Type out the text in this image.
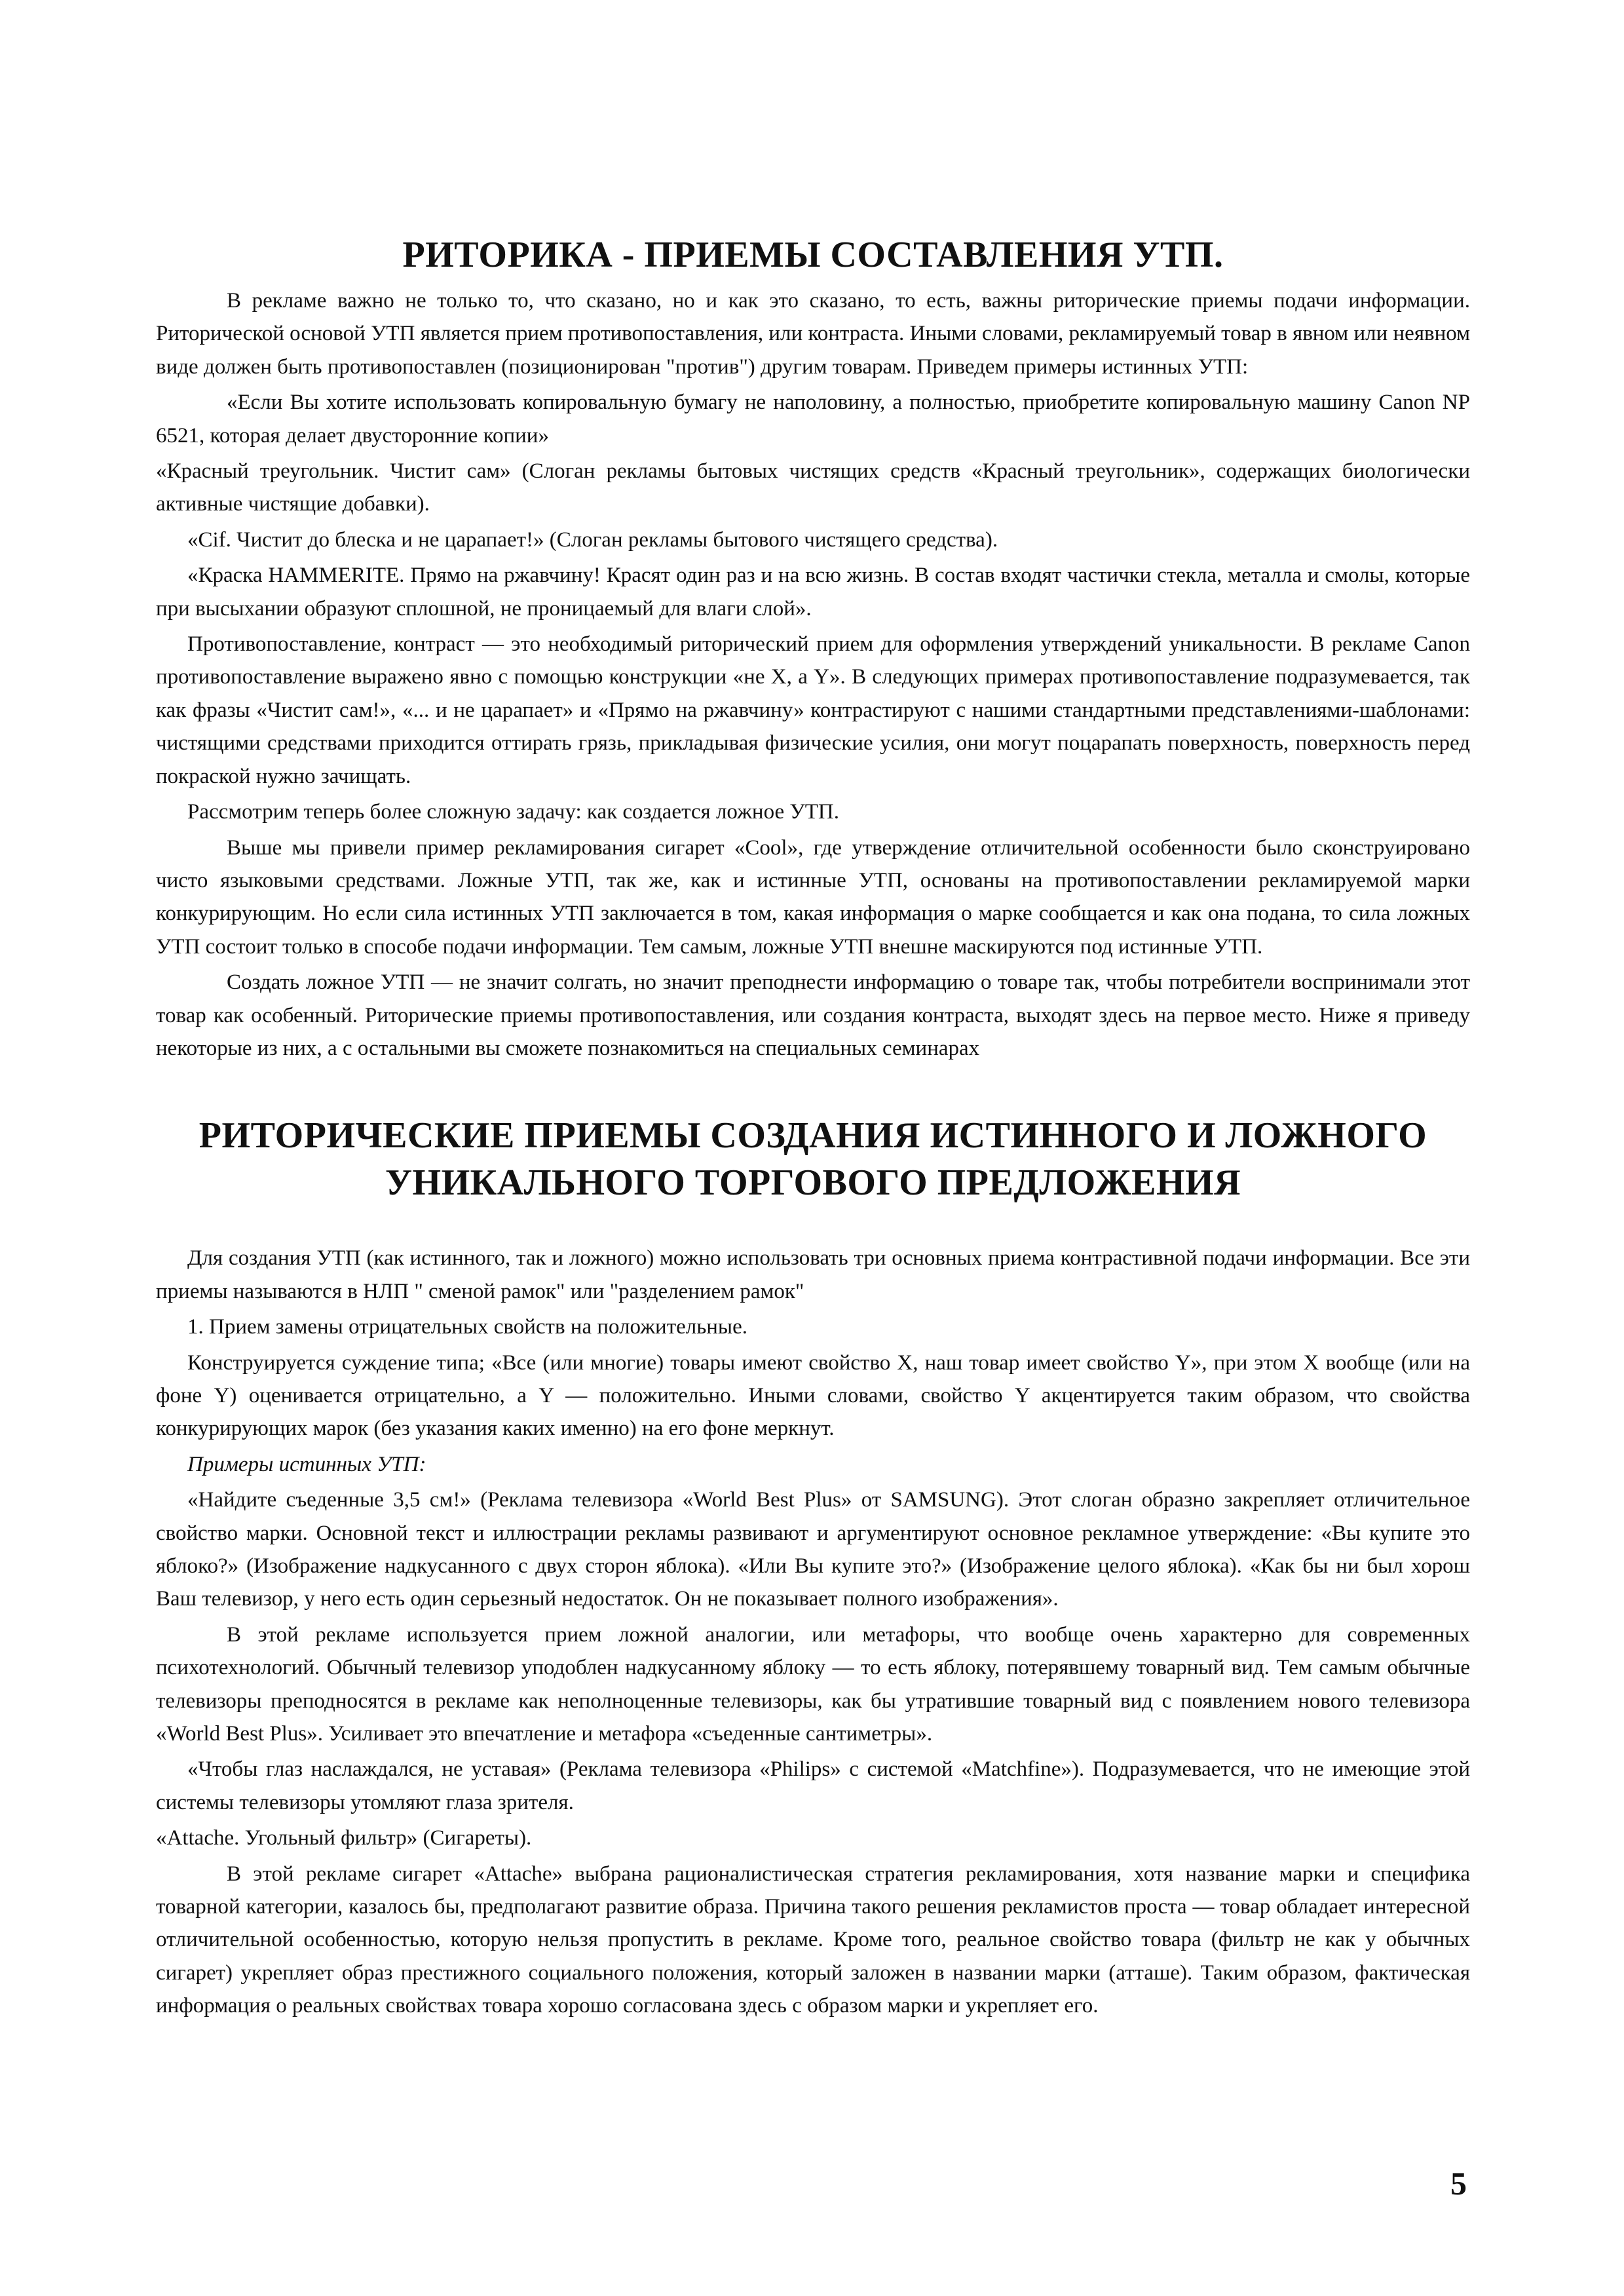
РИТОРИКА - ПРИЕМЫ СОСТАВЛЕНИЯ УТП.

В рекламе важно не только то, что сказано, но и как это сказано, то есть, важны риторические приемы подачи информации. Риторической основой УТП является прием противопоставления, или контраста. Иными словами, рекламируемый товар в явном или неявном виде должен быть противопоставлен (позиционирован "против") другим товарам. Приведем примеры истинных УТП:

«Если Вы хотите использовать копировальную бумагу не наполовину, а полностью, приобретите копировальную машину Canon NP 6521, которая делает двусторонние копии»

«Красный треугольник. Чистит сам» (Слоган рекламы бытовых чистящих средств «Красный треугольник», содержащих биологически активные чистящие добавки).

«Cif. Чистит до блеска и не царапает!» (Слоган рекламы бытового чистящего средства).

«Краска HAMMERITE. Прямо на ржавчину! Красят один раз и на всю жизнь. В состав входят частички стекла, металла и смолы, которые при высыхании образуют сплошной, не проницаемый для влаги слой».

Противопоставление, контраст — это необходимый риторический прием для оформления утверждений уникальности. В рекламе Canon противопоставление выражено явно с помощью конструкции «не X, а Y». В следующих примерах противопоставление подразумевается, так как фразы «Чистит сам!», «... и не царапает» и «Прямо на ржавчину» контрастируют с нашими стандартными представлениями-шаблонами: чистящими средствами приходится оттирать грязь, прикладывая физические усилия, они могут поцарапать поверхность, поверхность перед покраской нужно зачищать.

Рассмотрим теперь более сложную задачу: как создается ложное УТП.

Выше мы привели пример рекламирования сигарет «Cool», где утверждение отличительной особенности было сконструировано чисто языковыми средствами. Ложные УТП, так же, как и истинные УТП, основаны на противопоставлении рекламируемой марки конкурирующим. Но если сила истинных УТП заключается в том, какая информация о марке сообщается и как она подана, то сила ложных УТП состоит только в способе подачи информации. Тем самым, ложные УТП внешне маскируются под истинные УТП.

Создать ложное УТП — не значит солгать, но значит преподнести информацию о товаре так, чтобы потребители воспринимали этот товар как особенный. Риторические приемы противопоставления, или создания контраста, выходят здесь на первое место. Ниже я приведу некоторые из них, а с остальными вы сможете познакомиться на специальных семинарах

РИТОРИЧЕСКИЕ ПРИЕМЫ СОЗДАНИЯ ИСТИННОГО И ЛОЖНОГО
УНИКАЛЬНОГО ТОРГОВОГО ПРЕДЛОЖЕНИЯ

Для создания УТП (как истинного, так и ложного) можно использовать три основных приема контрастивной подачи информации. Все эти приемы называются в НЛП " сменой рамок" или "разделением рамок"

1. Прием замены отрицательных свойств на положительные.

Конструируется суждение типа; «Все (или многие) товары имеют свойство X, наш товар имеет свойство Y», при этом X вообще (или на фоне Y) оценивается отрицательно, а Y — положительно. Иными словами, свойство Y акцентируется таким образом, что свойства конкурирующих марок (без указания каких именно) на его фоне меркнут.

Примеры истинных УТП:

«Найдите съеденные 3,5 см!» (Реклама телевизора «World Best Plus» от SAMSUNG). Этот слоган образно закрепляет отличительное свойство марки. Основной текст и иллюстрации рекламы развивают и аргументируют основное рекламное утверждение: «Вы купите это яблоко?» (Изображение надкусанного с двух сторон яблока). «Или Вы купите это?» (Изображение целого яблока). «Как бы ни был хорош Ваш телевизор, у него есть один серьезный недостаток. Он не показывает полного изображения».

В этой рекламе используется прием ложной аналогии, или метафоры, что вообще очень характерно для современных психотехнологий. Обычный телевизор уподоблен надкусанному яблоку — то есть яблоку, потерявшему товарный вид. Тем самым обычные телевизоры преподносятся в рекламе как неполноценные телевизоры, как бы утратившие товарный вид с появлением нового телевизора «World Best Plus». Усиливает это впечатление и метафора «съеденные сантиметры».

«Чтобы глаз наслаждался, не уставая» (Реклама телевизора «Philips» с системой «Matchfine»). Подразумевается, что не имеющие этой системы телевизоры утомляют глаза зрителя.

«Attache. Угольный фильтр» (Сигареты).

В этой рекламе сигарет «Attache» выбрана рационалистическая стратегия рекламирования, хотя название марки и специфика товарной категории, казалось бы, предполагают развитие образа. Причина такого решения рекламистов проста — товар обладает интересной отличительной особенностью, которую нельзя пропустить в рекламе. Кроме того, реальное свойство товара (фильтр не как у обычных сигарет) укрепляет образ престижного социального положения, который заложен в названии марки (атташе). Таким образом, фактическая информация о реальных свойствах товара хорошо согласована здесь с образом марки и укрепляет его.

5
